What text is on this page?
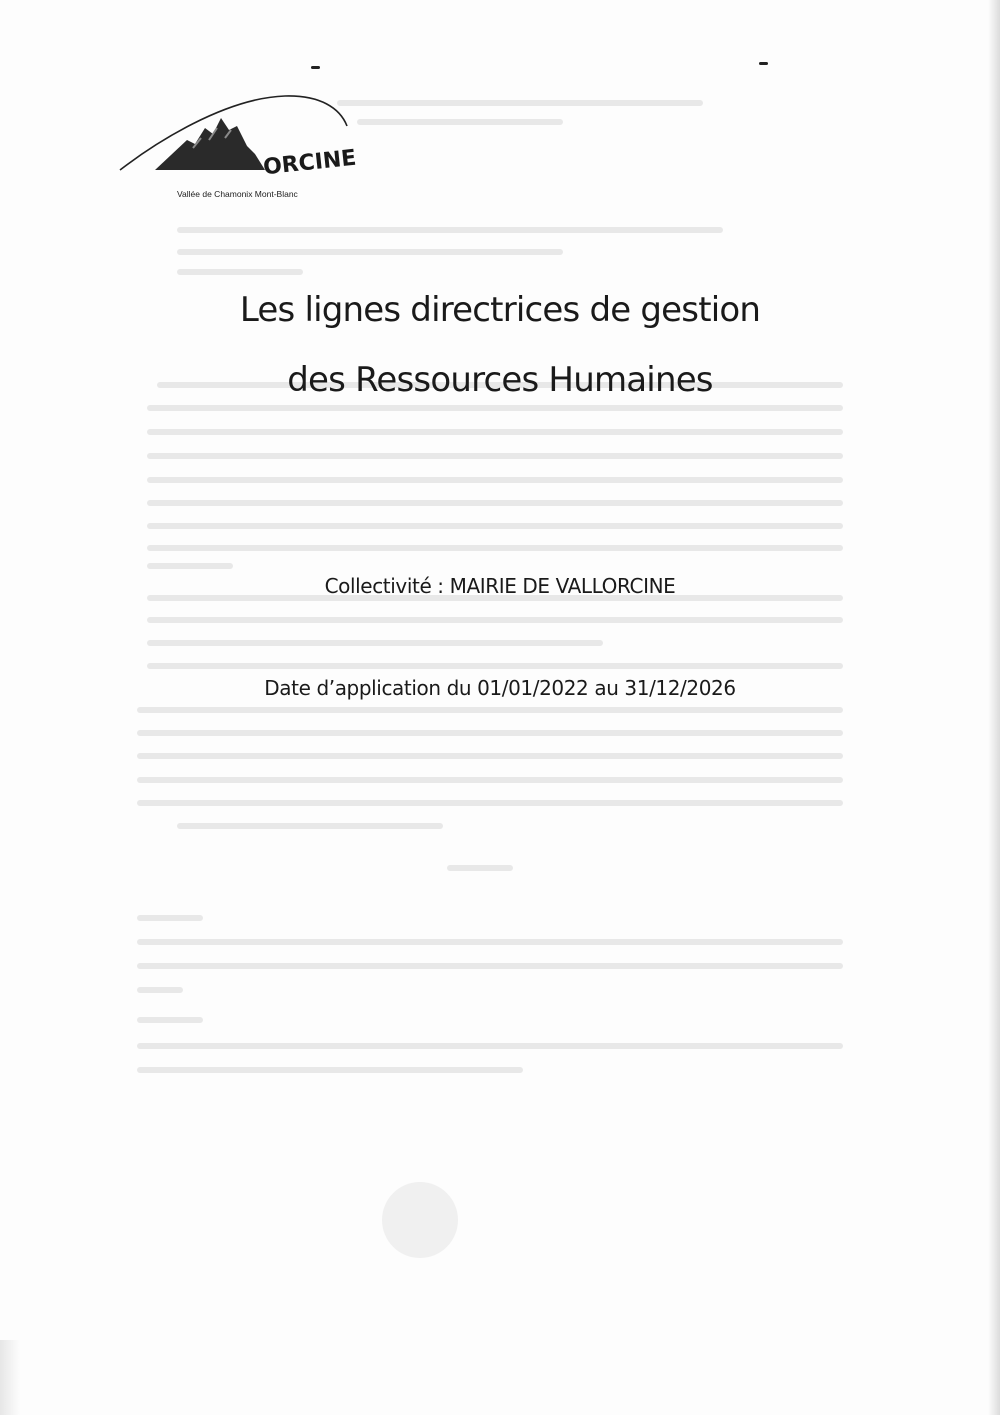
ORCINE
Vallée de Chamonix Mont-Blanc
Les lignes directrices de gestion
des Ressources Humaines
Collectivité : MAIRIE DE VALLORCINE
Date d’application du 01/01/2022 au 31/12/2026
